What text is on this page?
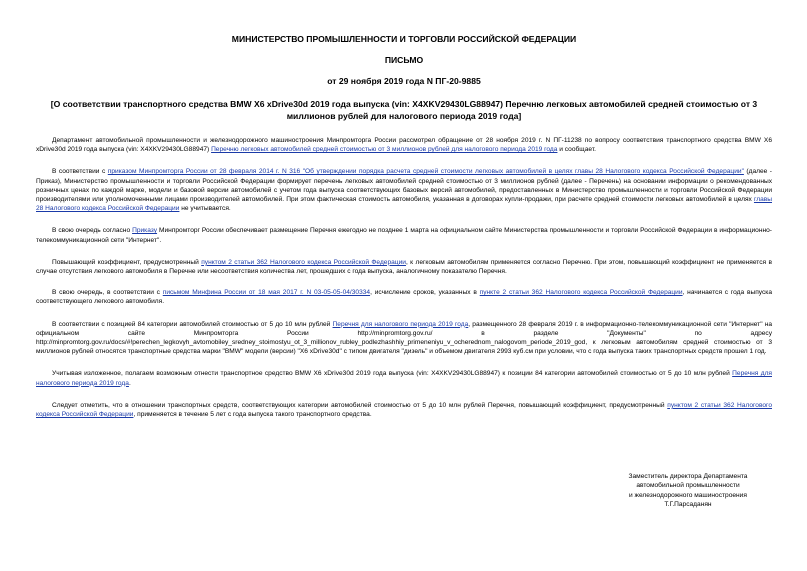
МИНИСТЕРСТВО ПРОМЫШЛЕННОСТИ И ТОРГОВЛИ РОССИЙСКОЙ ФЕДЕРАЦИИ
ПИСЬМО
от 29 ноября 2019 года N ПГ-20-9885
[О соответствии транспортного средства BMW X6 xDrive30d 2019 года выпуска (vin: X4XKV29430LG88947) Перечню легковых автомобилей средней стоимостью от 3 миллионов рублей для налогового периода 2019 года]

Департамент автомобильной промышленности и железнодорожного машиностроения Минпромторга России рассмотрел обращение от 28 ноября 2019 г. N ПГ-11238 по вопросу соответствия транспортного средства BMW X6 xDrive30d 2019 года выпуска (vin: X4XKV29430LG88947) Перечню легковых автомобилей средней стоимостью от 3 миллионов рублей для налогового периода 2019 года и сообщает.

В соответствии с приказом Минпромторга России от 28 февраля 2014 г. N 316 "Об утверждении порядка расчета средней стоимости легковых автомобилей в целях главы 28 Налогового кодекса Российской Федерации" (далее - Приказ), Министерство промышленности и торговли Российской Федерации формирует перечень легковых автомобилей средней стоимостью от 3 миллионов рублей (далее - Перечень) на основании информации о рекомендованных розничных ценах по каждой марке, модели и базовой версии автомобилей с учетом года выпуска соответствующих базовых версий автомобилей, предоставленных в Министерство промышленности и торговли Российской Федерации производителями или уполномоченными лицами производителей автомобилей. При этом фактическая стоимость автомобиля, указанная в договорах купли-продажи, при расчете средней стоимости легковых автомобилей в целях главы 28 Налогового кодекса Российской Федерации не учитывается.

В свою очередь согласно Приказу Минпромторг России обеспечивает размещение Перечня ежегодно не позднее 1 марта на официальном сайте Министерства промышленности и торговли Российской Федерации в информационно-телекоммуникационной сети "Интернет".

Повышающий коэффициент, предусмотренный пунктом 2 статьи 362 Налогового кодекса Российской Федерации, к легковым автомобилям применяется согласно Перечню. При этом, повышающий коэффициент не применяется в случае отсутствия легкового автомобиля в Перечне или несоответствия количества лет, прошедших с года выпуска, аналогичному показателю Перечня.

В свою очередь, в соответствии с письмом Минфина России от 18 мая 2017 г. N 03-05-05-04/30334, исчисление сроков, указанных в пункте 2 статьи 362 Налогового кодекса Российской Федерации, начинается с года выпуска соответствующего легкового автомобиля.

В соответствии с позицией 84 категории автомобилей стоимостью от 5 до 10 млн рублей Перечня для налогового периода 2019 года, размещенного 28 февраля 2019 г. в информационно-телекоммуникационной сети "Интернет" на официальном сайте Минпромторга России http://minpromtorg.gov.ru/ в разделе "Документы" по адресу http://minpromtorg.gov.ru/docs/#!perechen_legkovyh_avtomobiley_sredney_stoimostyu_ot_3_millionov_rubley_podlezhashhiy_primeneniyu_v_ocherednom_nalogovom_periode_2019_god, к легковым автомобилям средней стоимостью от 3 миллионов рублей относятся транспортные средства марки "BMW" модели (версии) "X6 xDrive30d" с типом двигателя "дизель" и объемом двигателя 2993 куб.см при условии, что с года выпуска таких транспортных средств прошел 1 год.

Учитывая изложенное, полагаем возможным отнести транспортное средство BMW X6 xDrive30d 2019 года выпуска (vin: X4XKV29430LG88947) к позиции 84 категории автомобилей стоимостью от 5 до 10 млн рублей Перечня для налогового периода 2019 года.

Следует отметить, что в отношении транспортных средств, соответствующих категории автомобилей стоимостью от 5 до 10 млн рублей Перечня, повышающий коэффициент, предусмотренный пунктом 2 статьи 362 Налогового кодекса Российской Федерации, применяется в течение 5 лет с года выпуска такого транспортного средства.

Заместитель директора Департамента
автомобильной промышленности
и железнодорожного машиностроения
Т.Г.Парсаданян
